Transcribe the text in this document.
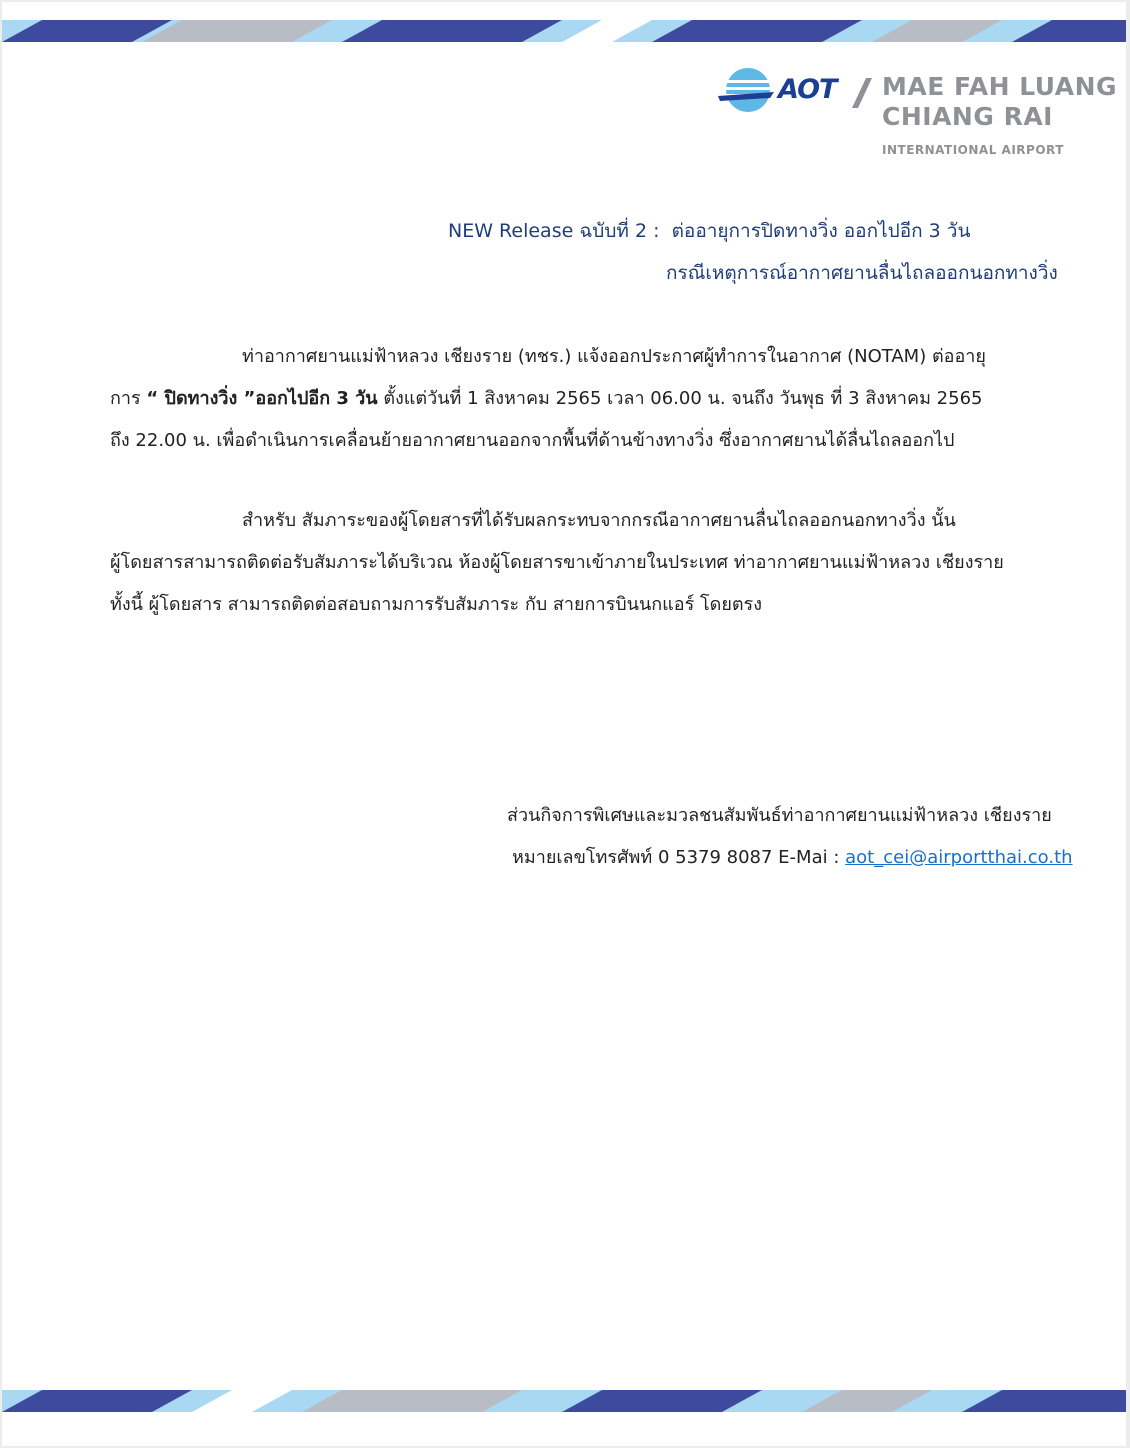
AOT MAE FAH LUANG
CHIANG RAI
INTERNATIONAL AIRPORT
NEW Release ฉบับที่ 2 : ต่ออายุการปิดทางวิ่ง ออกไปอีก 3 วัน
กรณีเหตุการณ์อากาศยานลื่นไถลออกนอกทางวิ่ง
ท่าอากาศยานแม่ฟ้าหลวง เชียงราย (ทชร.) แจ้งออกประกาศผู้ทำการในอากาศ (NOTAM) ต่ออายุ
การ “ ปิดทางวิ่ง ”ออกไปอีก 3 วัน ตั้งแต่วันที่ 1 สิงหาคม 2565 เวลา 06.00 น. จนถึง วันพุธ ที่ 3 สิงหาคม 2565
ถึง 22.00 น. เพื่อดำเนินการเคลื่อนย้ายอากาศยานออกจากพื้นที่ด้านข้างทางวิ่ง ซึ่งอากาศยานได้ลื่นไถลออกไป
สำหรับ สัมภาระของผู้โดยสารที่ได้รับผลกระทบจากกรณีอากาศยานลื่นไถลออกนอกทางวิ่ง นั้น
ผู้โดยสารสามารถติดต่อรับสัมภาระได้บริเวณ ห้องผู้โดยสารขาเข้าภายในประเทศ ท่าอากาศยานแม่ฟ้าหลวง เชียงราย
ทั้งนี้ ผู้โดยสาร สามารถติดต่อสอบถามการรับสัมภาระ กับ สายการบินนกแอร์ โดยตรง
ส่วนกิจการพิเศษและมวลชนสัมพันธ์ท่าอากาศยานแม่ฟ้าหลวง เชียงราย
หมายเลขโทรศัพท์ 0 5379 8087 E-Mai : aot_cei@airportthai.co.th
